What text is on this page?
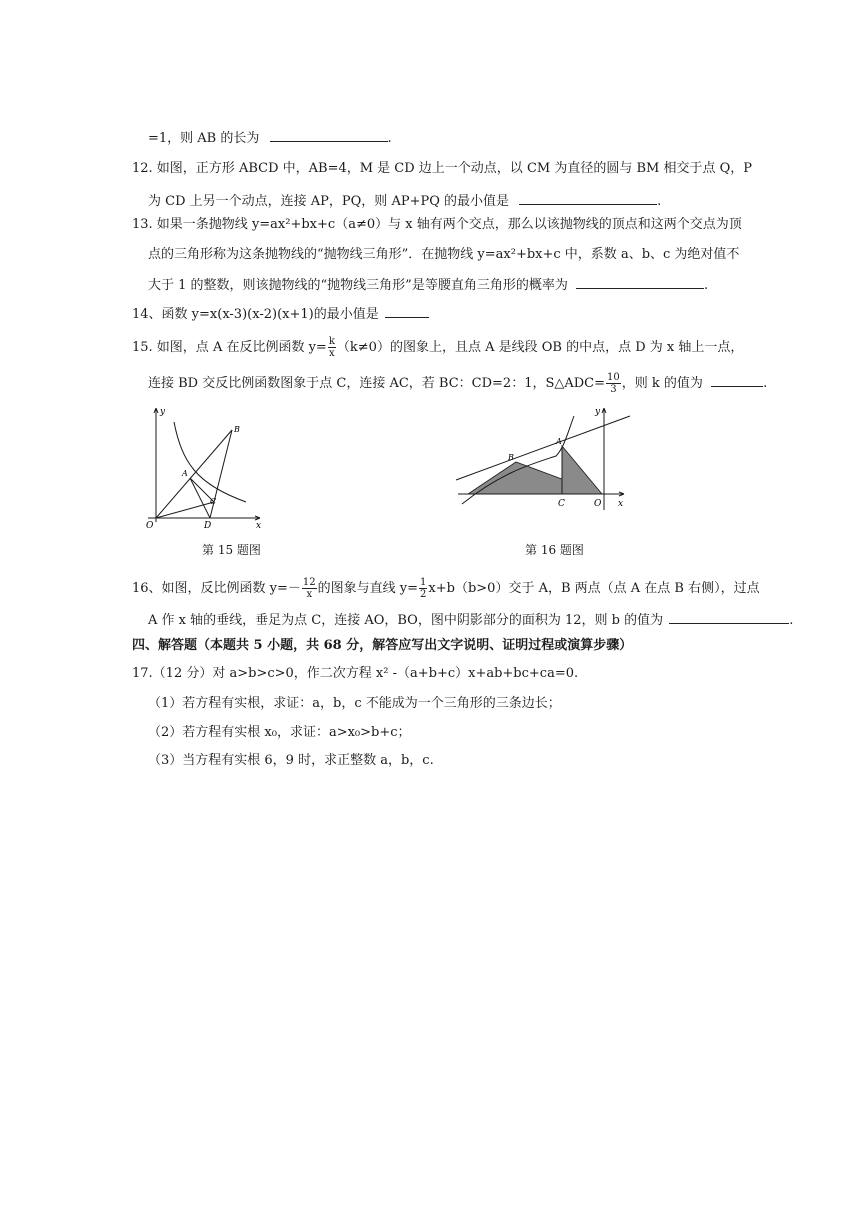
=1，则 AB 的长为	.
12. 如图，正方形 ABCD 中，AB=4，M 是 CD 边上一个动点，以 CM 为直径的圆与 BM 相交于点 Q，P
为 CD 上另一个动点，连接 AP，PQ，则 AP+PQ 的最小值是	.
13. 如果一条抛物线 y=ax²+bx+c（a≠0）与 x 轴有两个交点，那么以该抛物线的顶点和这两个交点为顶
点的三角形称为这条抛物线的“抛物线三角形”．在抛物线 y=ax²+bx+c 中，系数 a、b、c 为绝对值不
大于 1 的整数，则该抛物线的“抛物线三角形”是等腰直角三角形的概率为	.
14、函数 y=x(x-3)(x-2)(x+1)的最小值是
15. 如图，点 A 在反比例函数 $y= \frac{k}{x} (k\ne 0)$的图象上，且点 A 是线段 OB 的中点，点 D 为 x 轴上一点，
连接 BD 交反比例函数图象于点 C，连接 AC，若 BC：CD=2：1，S△ADC= $\frac{10}{3}$ ，则 k 的值为	.
y
x
O
A
B
C
D
y
x
O
A
B
C
第 15 题图	第 16 题图
16、如图，反比例函数 $y=- \frac{12}{x}$ 的图象与直线 $y= \frac{1}{2} x+b(b>0)$交于 A，B 两点（点 A 在点 B 右侧），过点
A 作 x 轴的垂线，垂足为点 C，连接 AO，BO，图中阴影部分的面积为 12，则 b 的值为	.
四、解答题（本题共 5 小题，共 68 分，解答应写出文字说明、证明过程或演算步骤）
17.（12 分）对 a>b>c>0，作二次方程 x² -（a+b+c）x+ab+bc+ca=0.
（1）若方程有实根，求证：a，b，c 不能成为一个三角形的三条边长；
（2）若方程有实根 x₀，求证：a>x₀>b+c；
（3）当方程有实根 6，9 时，求正整数 a，b，c.
